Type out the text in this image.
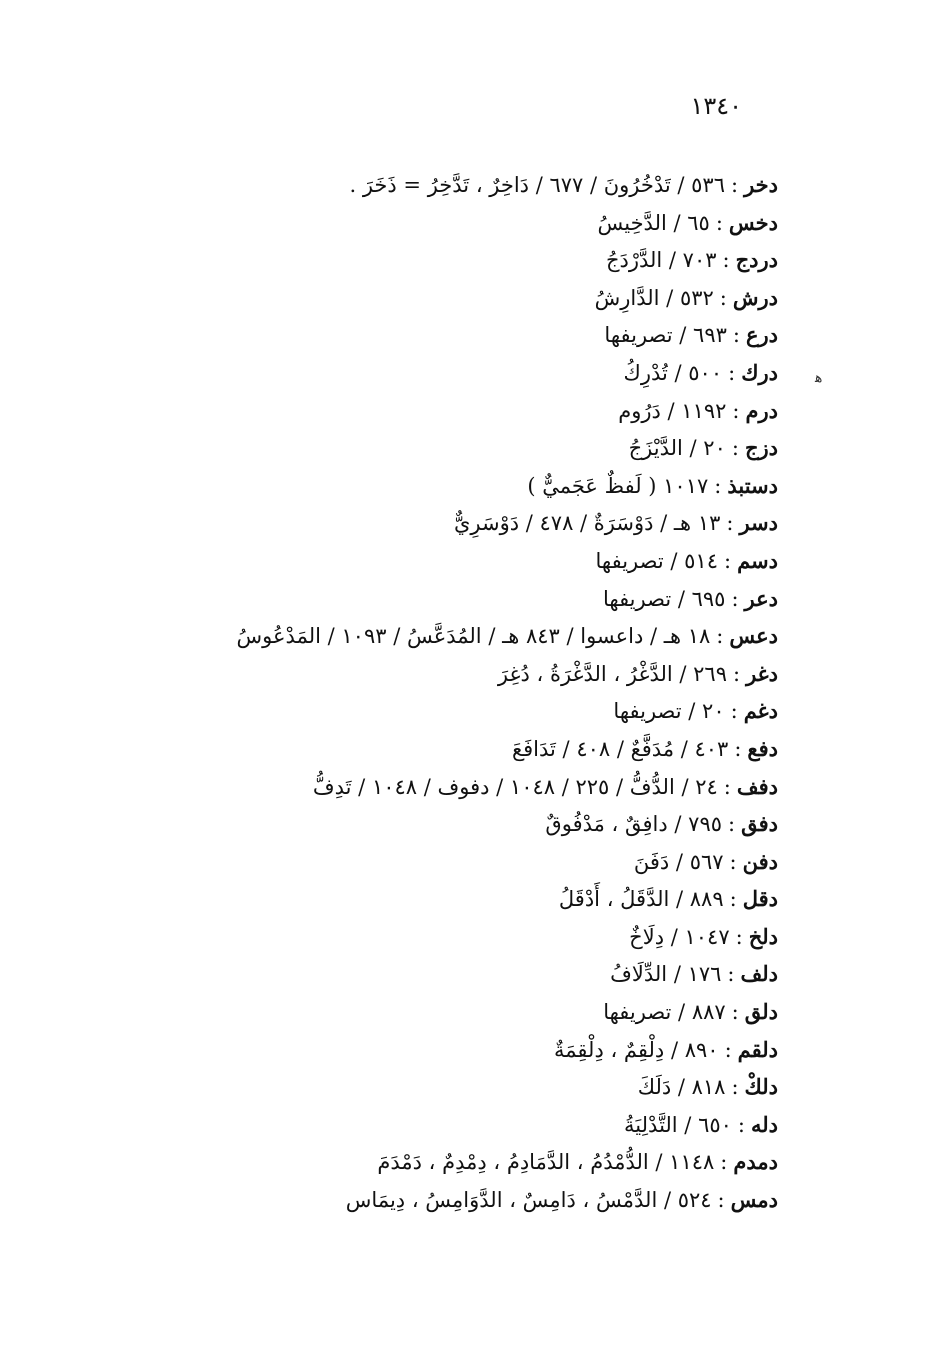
١٣٤٠
ﻫ
دخر:٥٣٦ / تَدْخُرُونَ / ٦٧٧ / دَاخِرٌ ، تَدَّخِرُ = ذَخَرَ .
دخس:٦٥ / الدَّخِيسُ
دردج:٧٠٣ / الدَّرْدَجُ
درش:٥٣٢ / الدَّارِشُ
درع:٦٩٣ / تصريفها
درك:٥٠٠ / تُدْرِكُ
درم:١١٩٢ / دَرُوم
دزج:٢٠ / الدَّيْزَجُ
دستبذ:١٠١٧ ( لَفظٌ عَجَميٌّ )
دسر:١٣ هـ / دَوْسَرَةٌ / ٤٧٨ / دَوْسَرِيٌّ
دسم:٥١٤ / تصريفها
دعر:٦٩٥ / تصريفها
دعس:١٨ هـ / داعسوا / ٨٤٣ هـ / المُدَعَّسُ / ١٠٩٣ / المَدْعُوسُ
دغر:٢٦٩ / الدَّغْرُ ، الدَّغْرَةُ ، دُغِرَ
دغم:٢٠ / تصريفها
دفع:٤٠٣ / مُدَفَّعٌ / ٤٠٨ / تَدَافَعَ
دفف:٢٤ / الدُّفُّ / ٢٢٥ / ١٠٤٨ / دفوف / ١٠٤٨ / تَدِفُّ
دفق:٧٩٥ / دافِقٌ ، مَدْفُوقٌ
دفن:٥٦٧ / دَفَنَ
دقل:٨٨٩ / الدَّقَلُ ، أَدْقَلُ
دلخ:١٠٤٧ / دِلَاخٌ
دلف:١٧٦ / الدِّلَافُ
دلق:٨٨٧ / تصريفها
دلقم:٨٩٠ / دِلْقِمٌ ، دِلْقِمَةٌ
دلكْ:٨١٨ / دَلَكَ
دله:٦٥٠ / التَّدْلِيَةُ
دمدم:١١٤٨ / الدُّمْدُمُ ، الدَّمَادِمُ ، دِمْدِمٌ ، دَمْدَمَ
دمس:٥٢٤ / الدَّمْسُ ، دَامِسٌ ، الدَّوَامِسُ ، دِيمَاس
